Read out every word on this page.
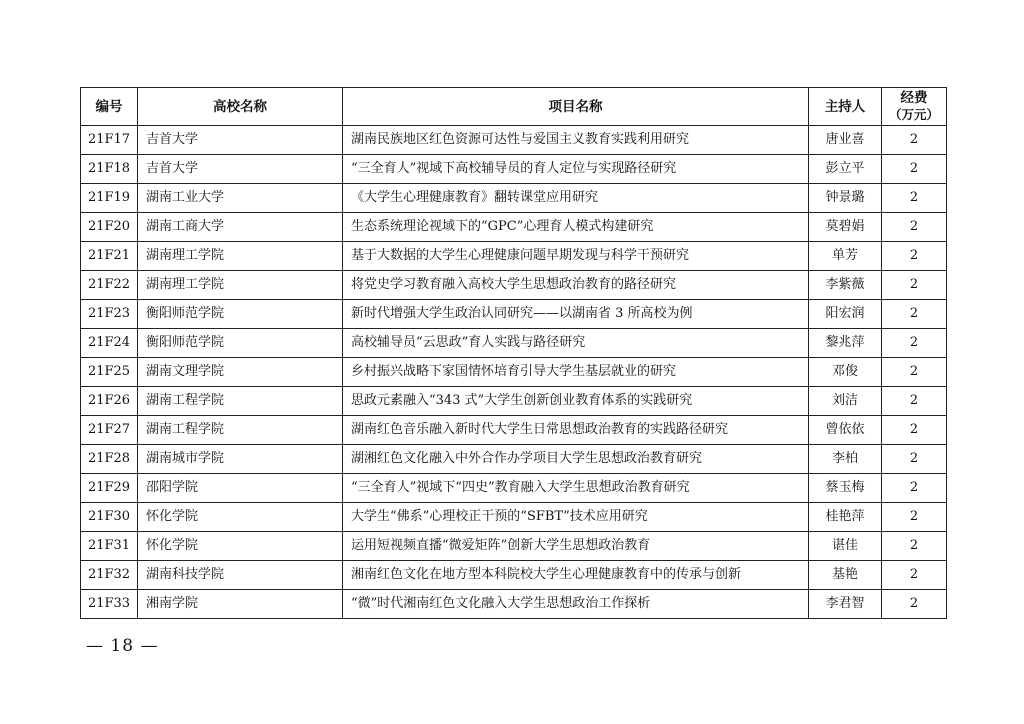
编号	高校名称	项目名称	主持人	经费
（万元）

21F17	吉首大学	湖南民族地区红色资源可达性与爱国主义教育实践利用研究	唐业喜	2
21F18	吉首大学	“三全育人”视域下高校辅导员的育人定位与实现路径研究	彭立平	2
21F19	湖南工业大学	《大学生心理健康教育》翻转课堂应用研究	钟景璐	2
21F20	湖南工商大学	生态系统理论视域下的“GPC”心理育人模式构建研究	莫碧娟	2
21F21	湖南理工学院	基于大数据的大学生心理健康问题早期发现与科学干预研究	单芳	2
21F22	湖南理工学院	将党史学习教育融入高校大学生思想政治教育的路径研究	李紫薇	2
21F23	衡阳师范学院	新时代增强大学生政治认同研究——以湖南省 3 所高校为例	阳宏润	2
21F24	衡阳师范学院	高校辅导员“云思政”育人实践与路径研究	黎兆萍	2
21F25	湖南文理学院	乡村振兴战略下家国情怀培育引导大学生基层就业的研究	邓俊	2
21F26	湖南工程学院	思政元素融入“343 式”大学生创新创业教育体系的实践研究	刘洁	2
21F27	湖南工程学院	湖南红色音乐融入新时代大学生日常思想政治教育的实践路径研究	曾依依	2
21F28	湖南城市学院	湖湘红色文化融入中外合作办学项目大学生思想政治教育研究	李柏	2
21F29	邵阳学院	“三全育人”视域下“四史”教育融入大学生思想政治教育研究	蔡玉梅	2
21F30	怀化学院	大学生“佛系”心理校正干预的“SFBT”技术应用研究	桂艳萍	2
21F31	怀化学院	运用短视频直播“微爱矩阵”创新大学生思想政治教育	谌佳	2
21F32	湖南科技学院	湘南红色文化在地方型本科院校大学生心理健康教育中的传承与创新	基艳	2
21F33	湘南学院	“微”时代湘南红色文化融入大学生思想政治工作探析	李君智	2
— 18 —
